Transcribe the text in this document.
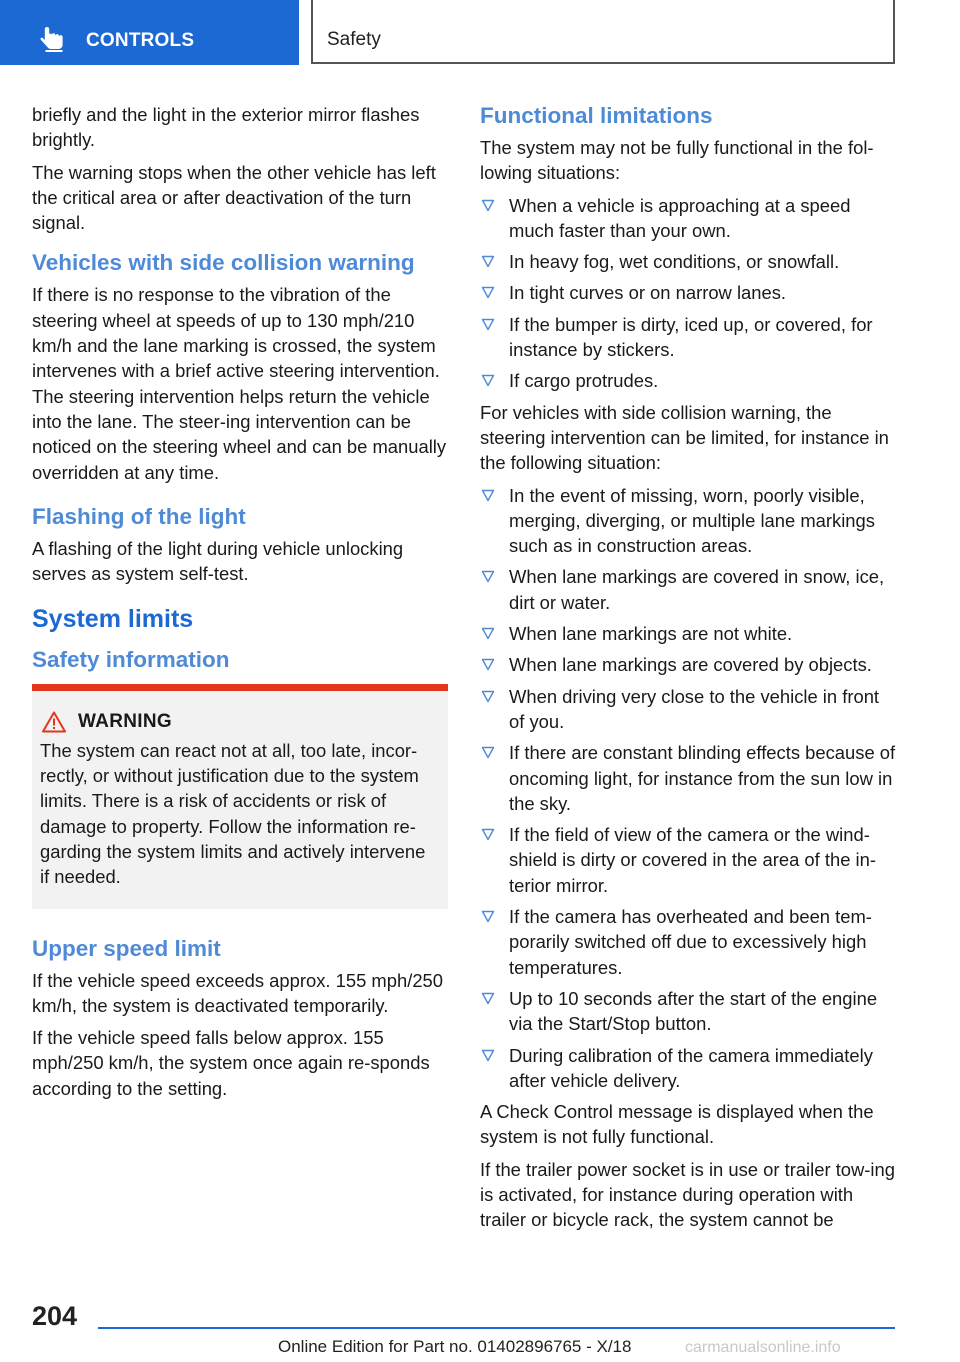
CONTROLS	Safety

briefly and the light in the exterior mirror flashes brightly.

The warning stops when the other vehicle has left the critical area or after deactivation of the turn signal.

Vehicles with side collision warning

If there is no response to the vibration of the steering wheel at speeds of up to 130 mph/210 km/h and the lane marking is crossed, the system intervenes with a brief active steering intervention. The steering intervention helps return the vehicle into the lane. The steer-ing intervention can be noticed on the steering wheel and can be manually overridden at any time.

Flashing of the light

A flashing of the light during vehicle unlocking serves as system self-test.

System limits
Safety information
WARNING

The system can react not at all, too late, incor-rectly, or without justification due to the system limits. There is a risk of accidents or risk of damage to property. Follow the information re-garding the system limits and actively intervene if needed.

Upper speed limit

If the vehicle speed exceeds approx. 155 mph/250 km/h, the system is deactivated temporarily.

If the vehicle speed falls below approx. 155 mph/250 km/h, the system once again re-sponds according to the setting.

Functional limitations

The system may not be fully functional in the fol-lowing situations:

When a vehicle is approaching at a speed much faster than your own.
In heavy fog, wet conditions, or snowfall.
In tight curves or on narrow lanes.
If the bumper is dirty, iced up, or covered, for instance by stickers.
If cargo protrudes.

For vehicles with side collision warning, the steering intervention can be limited, for instance in the following situation:

In the event of missing, worn, poorly visible, merging, diverging, or multiple lane markings such as in construction areas.
When lane markings are covered in snow, ice, dirt or water.
When lane markings are not white.
When lane markings are covered by objects.
When driving very close to the vehicle in front of you.
If there are constant blinding effects because of oncoming light, for instance from the sun low in the sky.
If the field of view of the camera or the wind-shield is dirty or covered in the area of the in-terior mirror.
If the camera has overheated and been tem-porarily switched off due to excessively high temperatures.
Up to 10 seconds after the start of the engine via the Start/Stop button.
During calibration of the camera immediately after vehicle delivery.

A Check Control message is displayed when the system is not fully functional.

If the trailer power socket is in use or trailer tow-ing is activated, for instance during operation with trailer or bicycle rack, the system cannot be

204
Online Edition for Part no. 01402896765 - X/18	carmanualsonline.info
